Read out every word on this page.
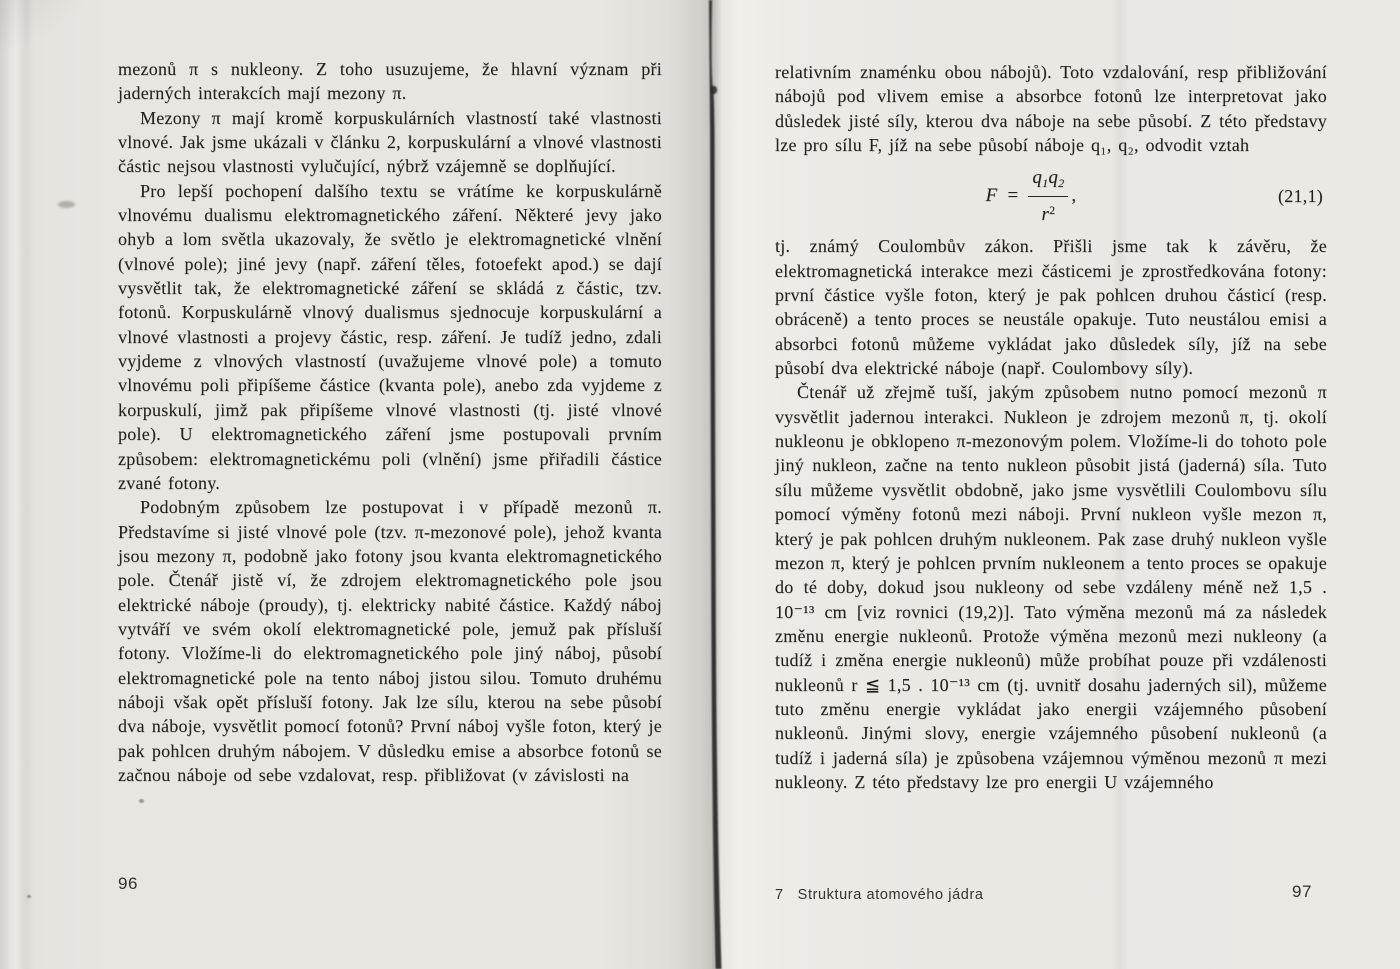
mezonů π s nukleony. Z toho usuzujeme, že hlavní význam při jaderných interakcích mají mezony π.

Mezony π mají kromě korpuskulárních vlastností také vlastnosti vlnové. Jak jsme ukázali v článku 2, korpuskulární a vlnové vlastnosti částic nejsou vlastnosti vylučující, nýbrž vzájemně se doplňující.

Pro lepší pochopení dalšího textu se vrátíme ke korpuskulárně vlnovému dualismu elektromagnetického záření. Některé jevy jako ohyb a lom světla ukazovaly, že světlo je elektromagnetické vlnění (vlnové pole); jiné jevy (např. záření těles, fotoefekt apod.) se dají vysvětlit tak, že elektromagnetické záření se skládá z částic, tzv. fotonů. Korpuskulárně vlnový dualismus sjednocuje korpuskulární a vlnové vlastnosti a projevy částic, resp. záření. Je tudíž jedno, zdali vyjdeme z vlnových vlastností (uvažujeme vlnové pole) a tomuto vlnovému poli připíšeme částice (kvanta pole), anebo zda vyjdeme z korpuskulí, jimž pak připíšeme vlnové vlastnosti (tj. jisté vlnové pole). U elektromagnetického záření jsme postupovali prvním způsobem: elektromagnetickému poli (vlnění) jsme přiřadili částice zvané fotony.

Podobným způsobem lze postupovat i v případě mezonů π. Představíme si jisté vlnové pole (tzv. π-mezonové pole), jehož kvanta jsou mezony π, podobně jako fotony jsou kvanta elektromagnetického pole. Čtenář jistě ví, že zdrojem elektromagnetického pole jsou elektrické náboje (proudy), tj. elektricky nabité částice. Každý náboj vytváří ve svém okolí elektromagnetické pole, jemuž pak přísluší fotony. Vložíme-li do elektromagnetického pole jiný náboj, působí elektromagnetické pole na tento náboj jistou silou. Tomuto druhému náboji však opět přísluší fotony. Jak lze sílu, kterou na sebe působí dva náboje, vysvětlit pomocí fotonů? První náboj vyšle foton, který je pak pohlcen druhým nábojem. V důsledku emise a absorbce fotonů se začnou náboje od sebe vzdalovat, resp. přibližovat (v závislosti na

96

relativním znaménku obou nábojů). Toto vzdalování, resp přibližování nábojů pod vlivem emise a absorbce fotonů lze interpretovat jako důsledek jisté síly, kterou dva náboje na sebe působí. Z této představy lze pro sílu F, jíž na sebe působí náboje q₁, q₂, odvodit vztah

$F = \frac{q_1q_2}{r^2}$ ,	(21,1)

tj. známý Coulombův zákon. Přišli jsme tak k závěru, že elektromagnetická interakce mezi částicemi je zprostředkována fotony: první částice vyšle foton, který je pak pohlcen druhou částicí (resp. obráceně) a tento proces se neustále opakuje. Tuto neustálou emisi a absorbci fotonů můžeme vykládat jako důsledek síly, jíž na sebe působí dva elektrické náboje (např. Coulombovy síly).

Čtenář už zřejmě tuší, jakým způsobem nutno pomocí mezonů π vysvětlit jadernou interakci. Nukleon je zdrojem mezonů π, tj. okolí nukleonu je obklopeno π-mezonovým polem. Vložíme-li do tohoto pole jiný nukleon, začne na tento nukleon působit jistá (jaderná) síla. Tuto sílu můžeme vysvětlit obdobně, jako jsme vysvětlili Coulombovu sílu pomocí výměny fotonů mezi náboji. První nukleon vyšle mezon π, který je pak pohlcen druhým nukleonem. Pak zase druhý nukleon vyšle mezon π, který je pohlcen prvním nukleonem a tento proces se opakuje do té doby, dokud jsou nukleony od sebe vzdáleny méně než 1,5 . 10⁻¹³ cm [viz rovnici (19,2)]. Tato výměna mezonů má za následek změnu energie nukleonů. Protože výměna mezonů mezi nukleony (a tudíž i změna energie nukleonů) může probíhat pouze při vzdálenosti nukleonů r ≦ 1,5 . 10⁻¹³ cm (tj. uvnitř dosahu jaderných sil), můžeme tuto změnu energie vykládat jako energii vzájemného působení nukleonů. Jinými slovy, energie vzájemného působení nukleonů (a tudíž i jaderná síla) je způsobena vzájemnou výměnou mezonů π mezi nukleony. Z této představy lze pro energii U vzájemného

7 Struktura atomového jádra	97
